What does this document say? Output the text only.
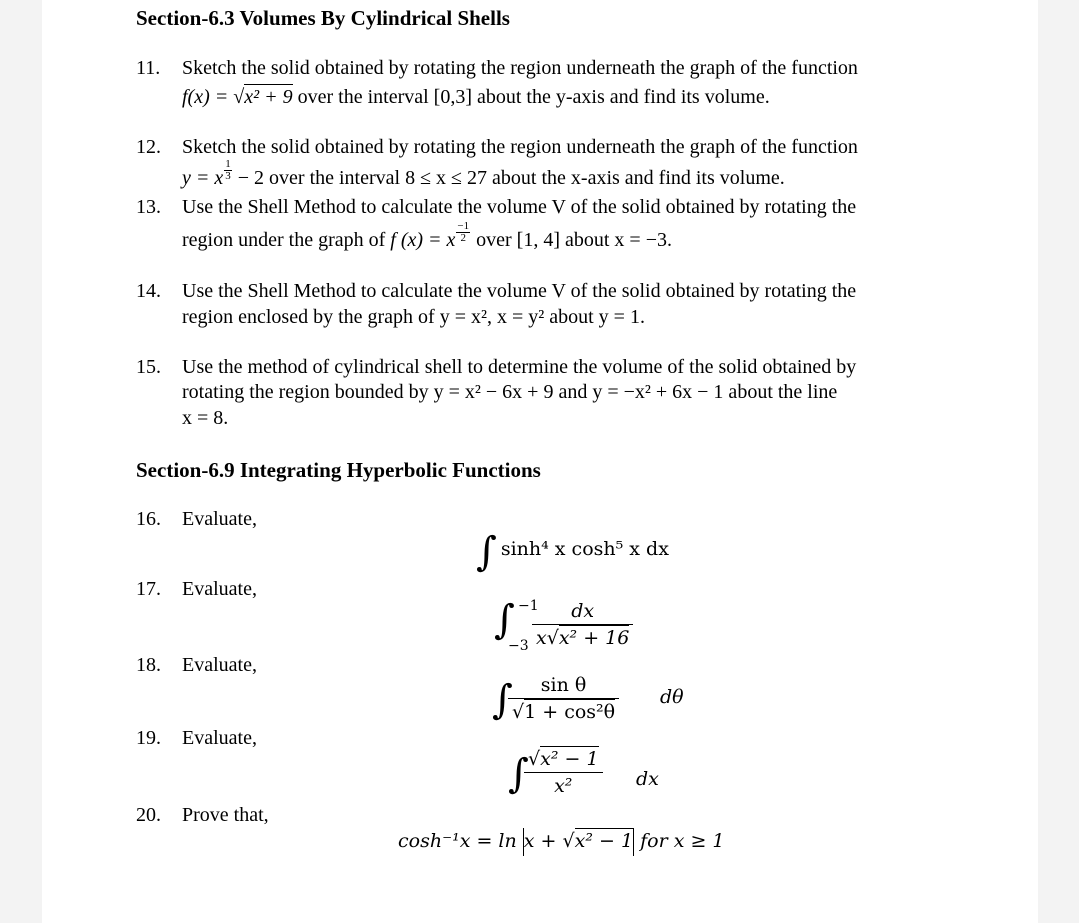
Section-6.3 Volumes By Cylindrical Shells
11. Sketch the solid obtained by rotating the region underneath the graph of the function
f(x) = √x² + 9 over the interval [0,3] about the y-axis and find its volume.
12. Sketch the solid obtained by rotating the region underneath the graph of the function
y = x $\frac{1}{3} - 2$ over the interval 8 ≤ x ≤ 27 about the x-axis and find its volume.
13. Use the Shell Method to calculate the volume V of the solid obtained by rotating the
region under the graph of f (x) = x $\frac{-1}{2}$ over [1, 4] about x = −3.
14. Use the Shell Method to calculate the volume V of the solid obtained by rotating the
region enclosed by the graph of y = x², x = y² about y = 1.
15. Use the method of cylindrical shell to determine the volume of the solid obtained by
rotating the region bounded by y = x² − 6x + 9 and y = −x² + 6x − 1 about the line
x = 8.
Section-6.9 Integrating Hyperbolic Functions
16. Evaluate,
∫ sinh⁴ x cosh⁵ x dx
17. Evaluate,
∫ −1
$-3 \frac{dx}{\text{x√x² + 16}}$
18. Evaluate,
∫
$\frac{\text{sin θ}}{\text{√1 + cos²θ}}$ dθ
19. Evaluate,
∫
$\frac{\text{√x² − 1}}{\text{x²}}$ dx
20. Prove that,
cosh⁻¹x = ln x + √x² − 1 for x ≥ 1
